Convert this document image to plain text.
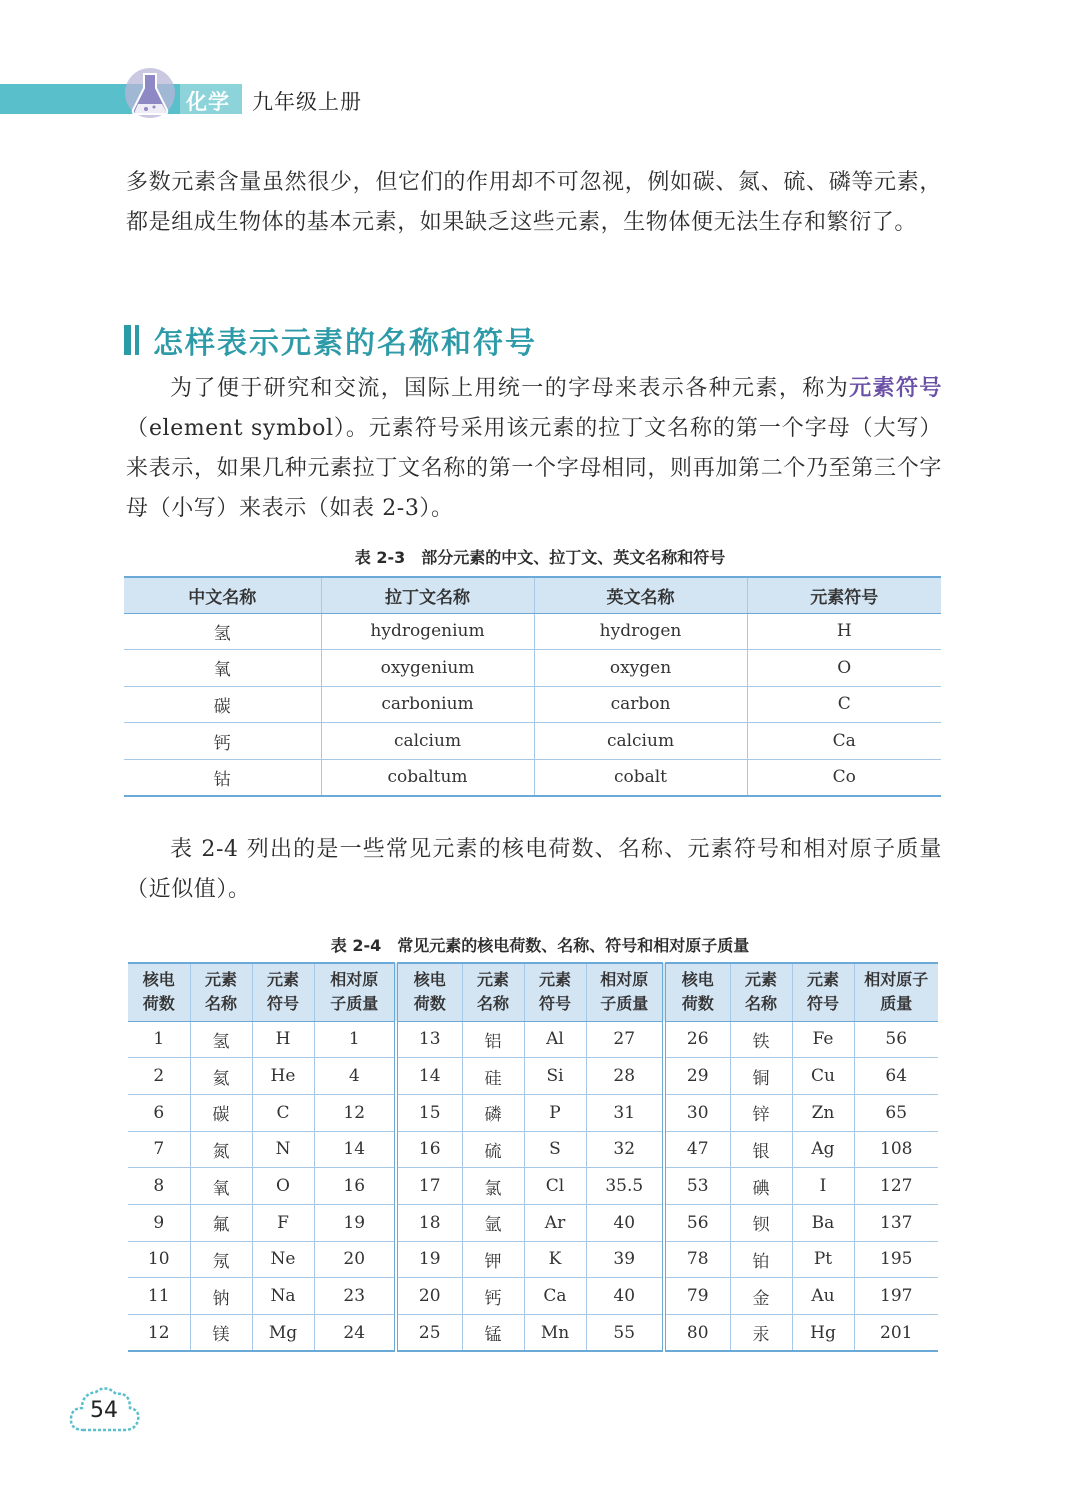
化学 九年级上册

多数元素含量虽然很少，但它们的作用却不可忽视，例如碳、氮、硫、磷等元素，都是组成生物体的基本元素，如果缺乏这些元素，生物体便无法生存和繁衍了。

怎样表示元素的名称和符号

为了便于研究和交流，国际上用统一的字母来表示各种元素，称为元素符号（element symbol）。元素符号采用该元素的拉丁文名称的第一个字母（大写）来表示，如果几种元素拉丁文名称的第一个字母相同，则再加第二个乃至第三个字母（小写）来表示（如表 2-3）。

表 2-3　部分元素的中文、拉丁文、英文名称和符号
中文名称	拉丁文名称	英文名称	元素符号
氢	hydrogenium	hydrogen	H
氧	oxygenium	oxygen	O
碳	carbonium	carbon	C
钙	calcium	calcium	Ca
钴	cobaltum	cobalt	Co

表 2-4 列出的是一些常见元素的核电荷数、名称、元素符号和相对原子质量（近似值）。

表 2-4　常见元素的核电荷数、名称、符号和相对原子质量
核电荷数	元素名称	元素符号	相对原子质量	核电荷数	元素名称	元素符号	相对原子质量	核电荷数	元素名称	元素符号	相对原子质量
1	氢	H	1	13	铝	Al	27	26	铁	Fe	56
2	氦	He	4	14	硅	Si	28	29	铜	Cu	64
6	碳	C	12	15	磷	P	31	30	锌	Zn	65
7	氮	N	14	16	硫	S	32	47	银	Ag	108
8	氧	O	16	17	氯	Cl	35.5	53	碘	I	127
9	氟	F	19	18	氩	Ar	40	56	钡	Ba	137
10	氖	Ne	20	19	钾	K	39	78	铂	Pt	195
11	钠	Na	23	20	钙	Ca	40	79	金	Au	197
12	镁	Mg	24	25	锰	Mn	55	80	汞	Hg	201
54
